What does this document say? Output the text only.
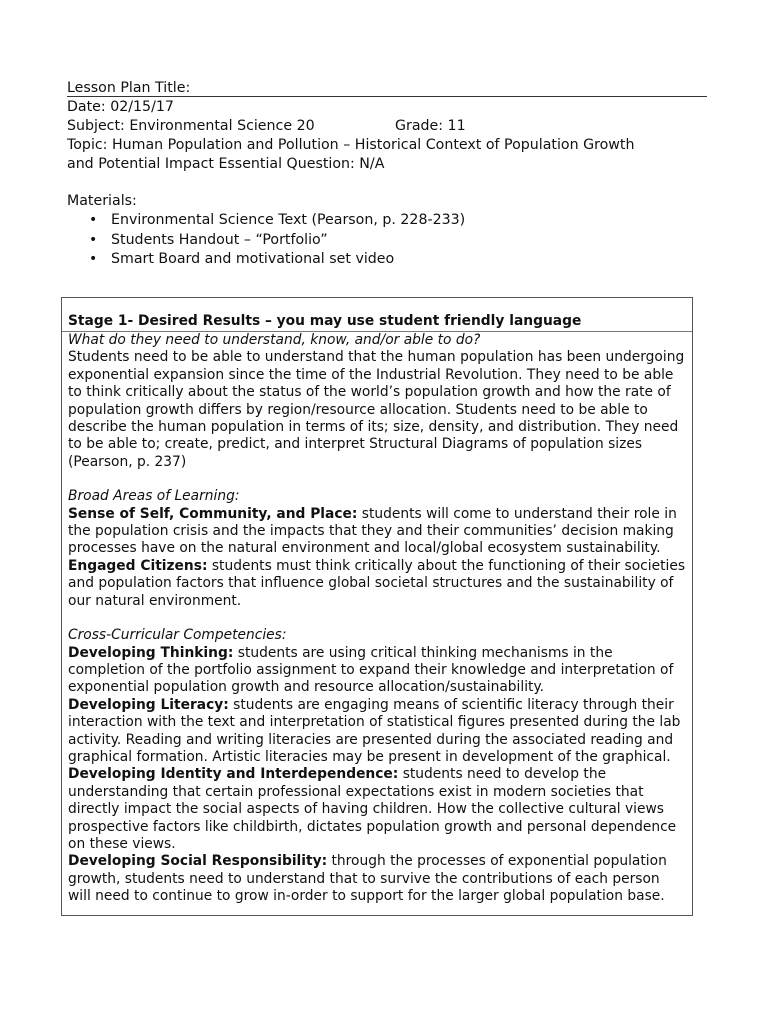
Lesson Plan Title:
Date: 02/15/17
Subject: Environmental Science 20	Grade: 11
Topic: Human Population and Pollution – Historical Context of Population Growth
and Potential Impact Essential Question: N/A
Materials:
• Environmental Science Text (Pearson, p. 228-233)
• Students Handout – “Portfolio”
• Smart Board and motivational set video
Stage 1- Desired Results – you may use student friendly language
What do they need to understand, know, and/or able to do?

Students need to be able to understand that the human population has been undergoing exponential expansion since the time of the Industrial Revolution. They need to be able to think critically about the status of the world’s population growth and how the rate of population growth differs by region/resource allocation. Students need to be able to describe the human population in terms of its; size, density, and distribution. They need to be able to; create, predict, and interpret Structural Diagrams of population sizes (Pearson, p. 237)

Broad Areas of Learning:

Sense of Self, Community, and Place: students will come to understand their role in the population crisis and the impacts that they and their communities’ decision making processes have on the natural environment and local/global ecosystem sustainability.

Engaged Citizens: students must think critically about the functioning of their societies and population factors that influence global societal structures and the sustainability of our natural environment.

Cross-Curricular Competencies:

Developing Thinking: students are using critical thinking mechanisms in the completion of the portfolio assignment to expand their knowledge and interpretation of exponential population growth and resource allocation/sustainability.

Developing Literacy: students are engaging means of scientific literacy through their interaction with the text and interpretation of statistical figures presented during the lab activity. Reading and writing literacies are presented during the associated reading and graphical formation. Artistic literacies may be present in development of the graphical.

Developing Identity and Interdependence: students need to develop the understanding that certain professional expectations exist in modern societies that directly impact the social aspects of having children. How the collective cultural views prospective factors like childbirth, dictates population growth and personal dependence on these views.

Developing Social Responsibility: through the processes of exponential population growth, students need to understand that to survive the contributions of each person will need to continue to grow in-order to support for the larger global population base.
